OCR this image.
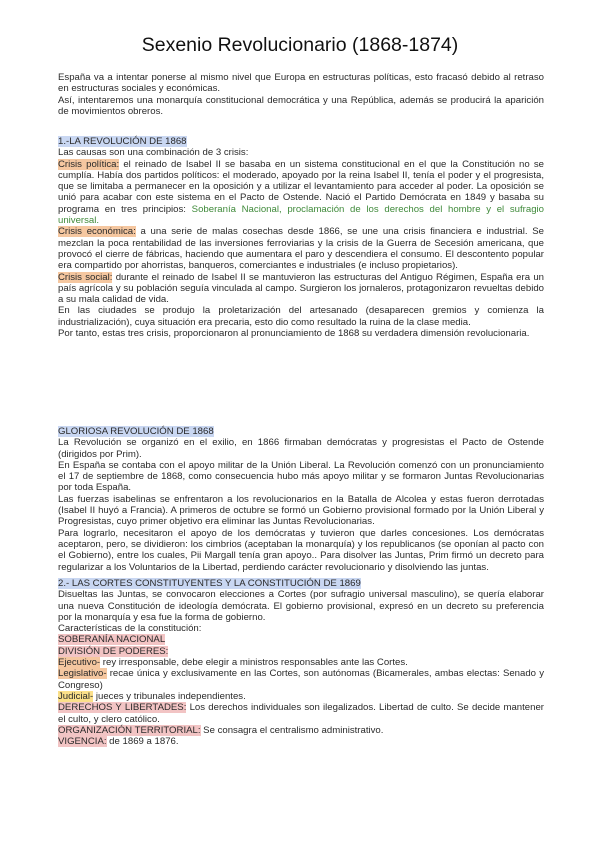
Sexenio Revolucionario (1868-1874)

España va a intentar ponerse al mismo nivel que Europa en estructuras políticas, esto fracasó debido al retraso en estructuras sociales y económicas.

Así, intentaremos una monarquía constitucional democrática y una República, además se producirá la aparición de movimientos obreros.

1.-LA REVOLUCIÓN DE 1868

Las causas son una combinación de 3 crisis:

Crisis política: el reinado de Isabel II se basaba en un sistema constitucional en el que la Constitución no se cumplía. Había dos partidos políticos: el moderado, apoyado por la reina Isabel II, tenía el poder y el progresista, que se limitaba a permanecer en la oposición y a utilizar el levantamiento para acceder al poder. La oposición se unió para acabar con este sistema en el Pacto de Ostende. Nació el Partido Demócrata en 1849 y basaba su programa en tres principios: Soberanía Nacional, proclamación de los derechos del hombre y el sufragio universal.

Crisis económica: a una serie de malas cosechas desde 1866, se une una crisis financiera e industrial. Se mezclan la poca rentabilidad de las inversiones ferroviarias y la crisis de la Guerra de Secesión americana, que provocó el cierre de fábricas, haciendo que aumentara el paro y descendiera el consumo. El descontento popular era compartido por ahorristas, banqueros, comerciantes e industriales (e incluso propietarios).

Crisis social: durante el reinado de Isabel II se mantuvieron las estructuras del Antiguo Régimen, España era un país agrícola y su población seguía vinculada al campo. Surgieron los jornaleros, protagonizaron revueltas debido a su mala calidad de vida.

En las ciudades se produjo la proletarización del artesanado (desaparecen gremios y comienza la industrialización), cuya situación era precaria, esto dio como resultado la ruina de la clase media.

Por tanto, estas tres crisis, proporcionaron al pronunciamiento de 1868 su verdadera dimensión revolucionaria.

GLORIOSA REVOLUCIÓN DE 1868

La Revolución se organizó en el exilio, en 1866 firmaban demócratas y progresistas el Pacto de Ostende (dirigidos por Prim).

En España se contaba con el apoyo militar de la Unión Liberal. La Revolución comenzó con un pronunciamiento el 17 de septiembre de 1868, como consecuencia hubo más apoyo militar y se formaron Juntas Revolucionarias por toda España.

Las fuerzas isabelinas se enfrentaron a los revolucionarios en la Batalla de Alcolea y estas fueron derrotadas (Isabel II huyó a Francia). A primeros de octubre se formó un Gobierno provisional formado por la Unión Liberal y Progresistas, cuyo primer objetivo era eliminar las Juntas Revolucionarias.

Para lograrlo, necesitaron el apoyo de los demócratas y tuvieron que darles concesiones. Los demócratas aceptaron, pero, se dividieron: los cimbrios (aceptaban la monarquía) y los republicanos (se oponían al pacto con el Gobierno), entre los cuales, Pii Margall tenía gran apoyo.. Para disolver las Juntas, Prim firmó un decreto para regularizar a los Voluntarios de la Libertad, perdiendo carácter revolucionario y disolviendo las juntas.

2.- LAS CORTES CONSTITUYENTES Y LA CONSTITUCIÓN DE 1869

Disueltas las Juntas, se convocaron elecciones a Cortes (por sufragio universal masculino), se quería elaborar una nueva Constitución de ideología demócrata. El gobierno provisional, expresó en un decreto su preferencia por la monarquía y esa fue la forma de gobierno.

Características de la constitución:

SOBERANÍA NACIONAL

DIVISIÓN DE PODERES:

Ejecutivo- rey irresponsable, debe elegir a ministros responsables ante las Cortes.

Legislativo- recae única y exclusivamente en las Cortes, son autónomas (Bicamerales, ambas electas: Senado y Congreso)

Judicial- jueces y tribunales independientes.

DERECHOS Y LIBERTADES: Los derechos individuales son ilegalizados. Libertad de culto. Se decide mantener el culto, y clero católico.

ORGANIZACIÓN TERRITORIAL: Se consagra el centralismo administrativo.

VIGENCIA: de 1869 a 1876.
